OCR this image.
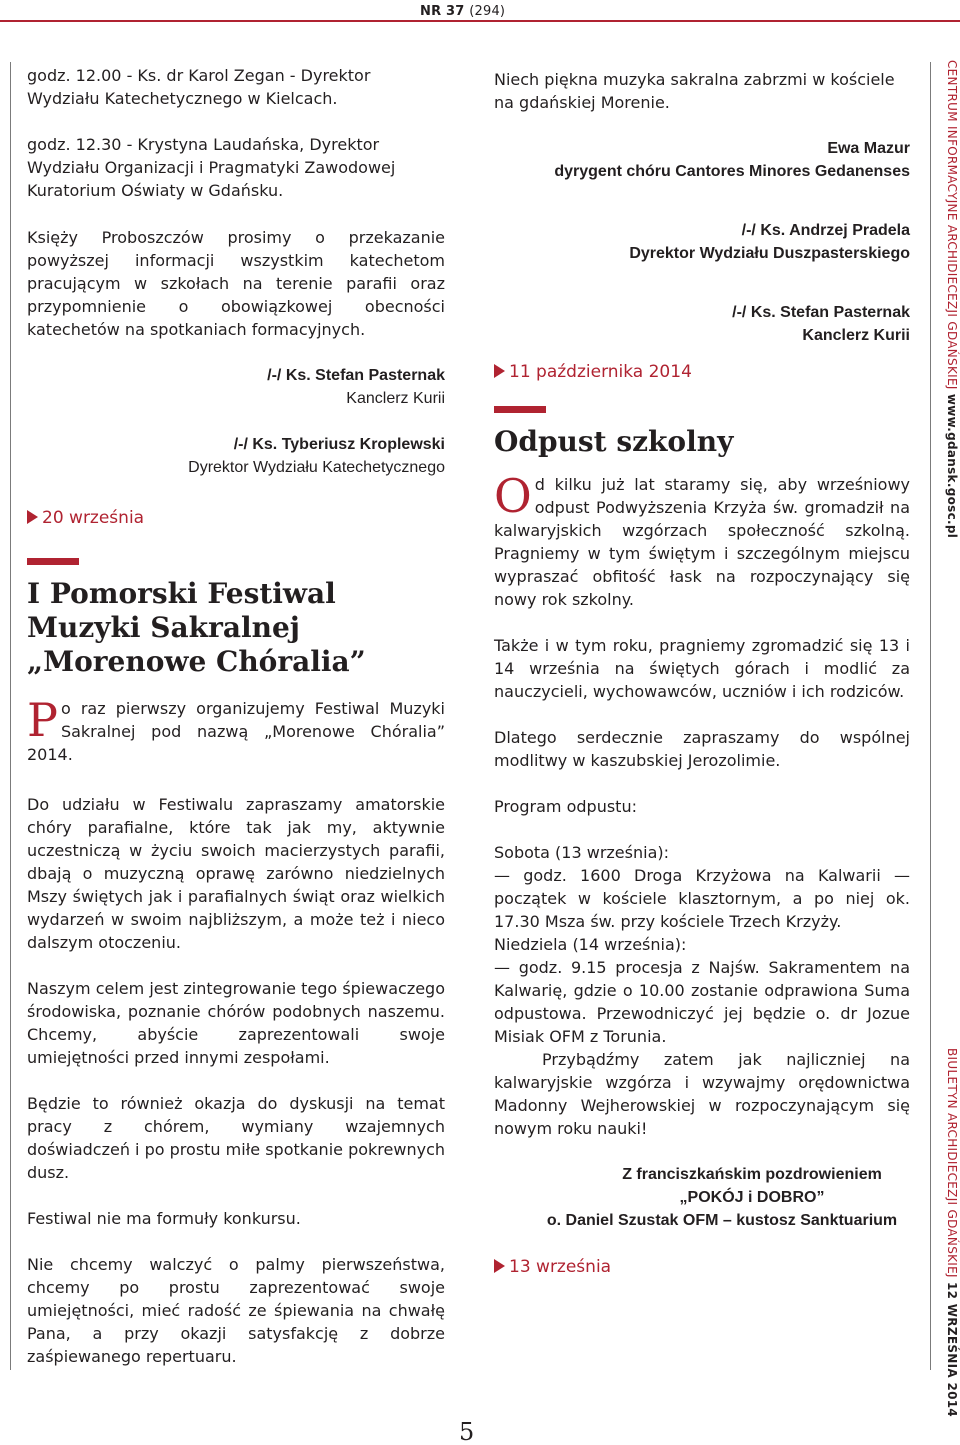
NR 37 (294)

godz. 12.00 - Ks. dr Karol Zegan - Dyrektor Wydziału Katechetycznego w Kielcach.

godz. 12.30 - Krystyna Laudańska, Dyrektor Wydziału Organizacji i Pragmatyki Zawodowej Kuratorium Oświaty w Gdańsku.

Księży Proboszczów prosimy o przekazanie powyższej informacji wszystkim katechetom pracującym w szkołach na terenie parafii oraz przypomnienie o obowiązkowej obecności katechetów na spotkaniach formacyjnych.

/-/ Ks. Stefan Pasternak
Kanclerz Kurii
/-/ Ks. Tyberiusz Kroplewski
Dyrektor Wydziału Katechetycznego
20 września
I Pomorski Festiwal Muzyki Sakralnej „Morenowe Chóralia”
P o raz pierwszy organizujemy Festiwal Muzyki Sakralnej pod nazwą „Morenowe Chóralia” 2014.

Do udziału w Festiwalu zapraszamy amatorskie chóry parafialne, które tak jak my, aktywnie uczestniczą w życiu swoich macierzystych parafii, dbają o muzyczną oprawę zarówno niedzielnych Mszy świętych jak i parafialnych świąt oraz wielkich wydarzeń w swoim najbliższym, a może też i nieco dalszym otoczeniu.

Naszym celem jest zintegrowanie tego śpiewaczego środowiska, poznanie chórów podobnych naszemu. Chcemy, abyście zaprezentowali swoje umiejętności przed innymi zespołami.

Będzie to również okazja do dyskusji na temat pracy z chórem, wymiany wzajemnych doświadczeń i po prostu miłe spotkanie pokrewnych dusz.

Festiwal nie ma formuły konkursu.

Nie chcemy walczyć o palmy pierwszeństwa, chcemy po prostu zaprezentować swoje umiejętności, mieć radość ze śpiewania na chwałę Pana, a przy okazji satysfakcję z dobrze zaśpiewanego repertuaru.

Niech piękna muzyka sakralna zabrzmi w kościele na gdańskiej Morenie.

Ewa Mazur
dyrygent chóru Cantores Minores Gedanenses
/-/ Ks. Andrzej Pradela
Dyrektor Wydziału Duszpasterskiego
/-/ Ks. Stefan Pasternak
Kanclerz Kurii
11 października 2014
Odpust szkolny
O d kilku już lat staramy się, aby wrześniowy odpust Podwyższenia Krzyża św. gromadził na kalwaryjskich wzgórzach społeczność szkolną. Pragniemy w tym świętym i szczególnym miejscu wypraszać obfitość łask na rozpoczynający się nowy rok szkolny.

Także i w tym roku, pragniemy zgromadzić się 13 i 14 września na świętych górach i modlić za nauczycieli, wychowawców, uczniów i ich rodziców.

Dlatego serdecznie zapraszamy do wspólnej modlitwy w kaszubskiej Jerozolimie.

Program odpustu:

Sobota (13 września):

— godz. 1600 Droga Krzyżowa na Kalwarii — początek w kościele klasztornym, a po niej ok. 17.30 Msza św. przy kościele Trzech Krzyży.

Niedziela (14 września):

— godz. 9.15 procesja z Najśw. Sakramentem na Kalwarię, gdzie o 10.00 zostanie odprawiona Suma odpustowa. Przewodniczyć jej będzie o. dr Jozue Misiak OFM z Torunia.

Przybądźmy zatem jak najliczniej na kalwaryjskie wzgórza i wzywajmy orędownictwa Madonny Wejherowskiej w rozpoczynającym się nowym roku nauki!

Z franciszkańskim pozdrowieniem
„POKÓJ i DOBRO”
o. Daniel Szustak OFM – kustosz Sanktuarium
13 września
CENTRUM INFORMACYJNE ARCHIDIECEZJI GDAŃSKIEJ www.gdansk.gosc.pl
BIULETYN ARCHIDIECEZJI GDAŃSKIEJ 12 WRZEŚNIA 2014
5
